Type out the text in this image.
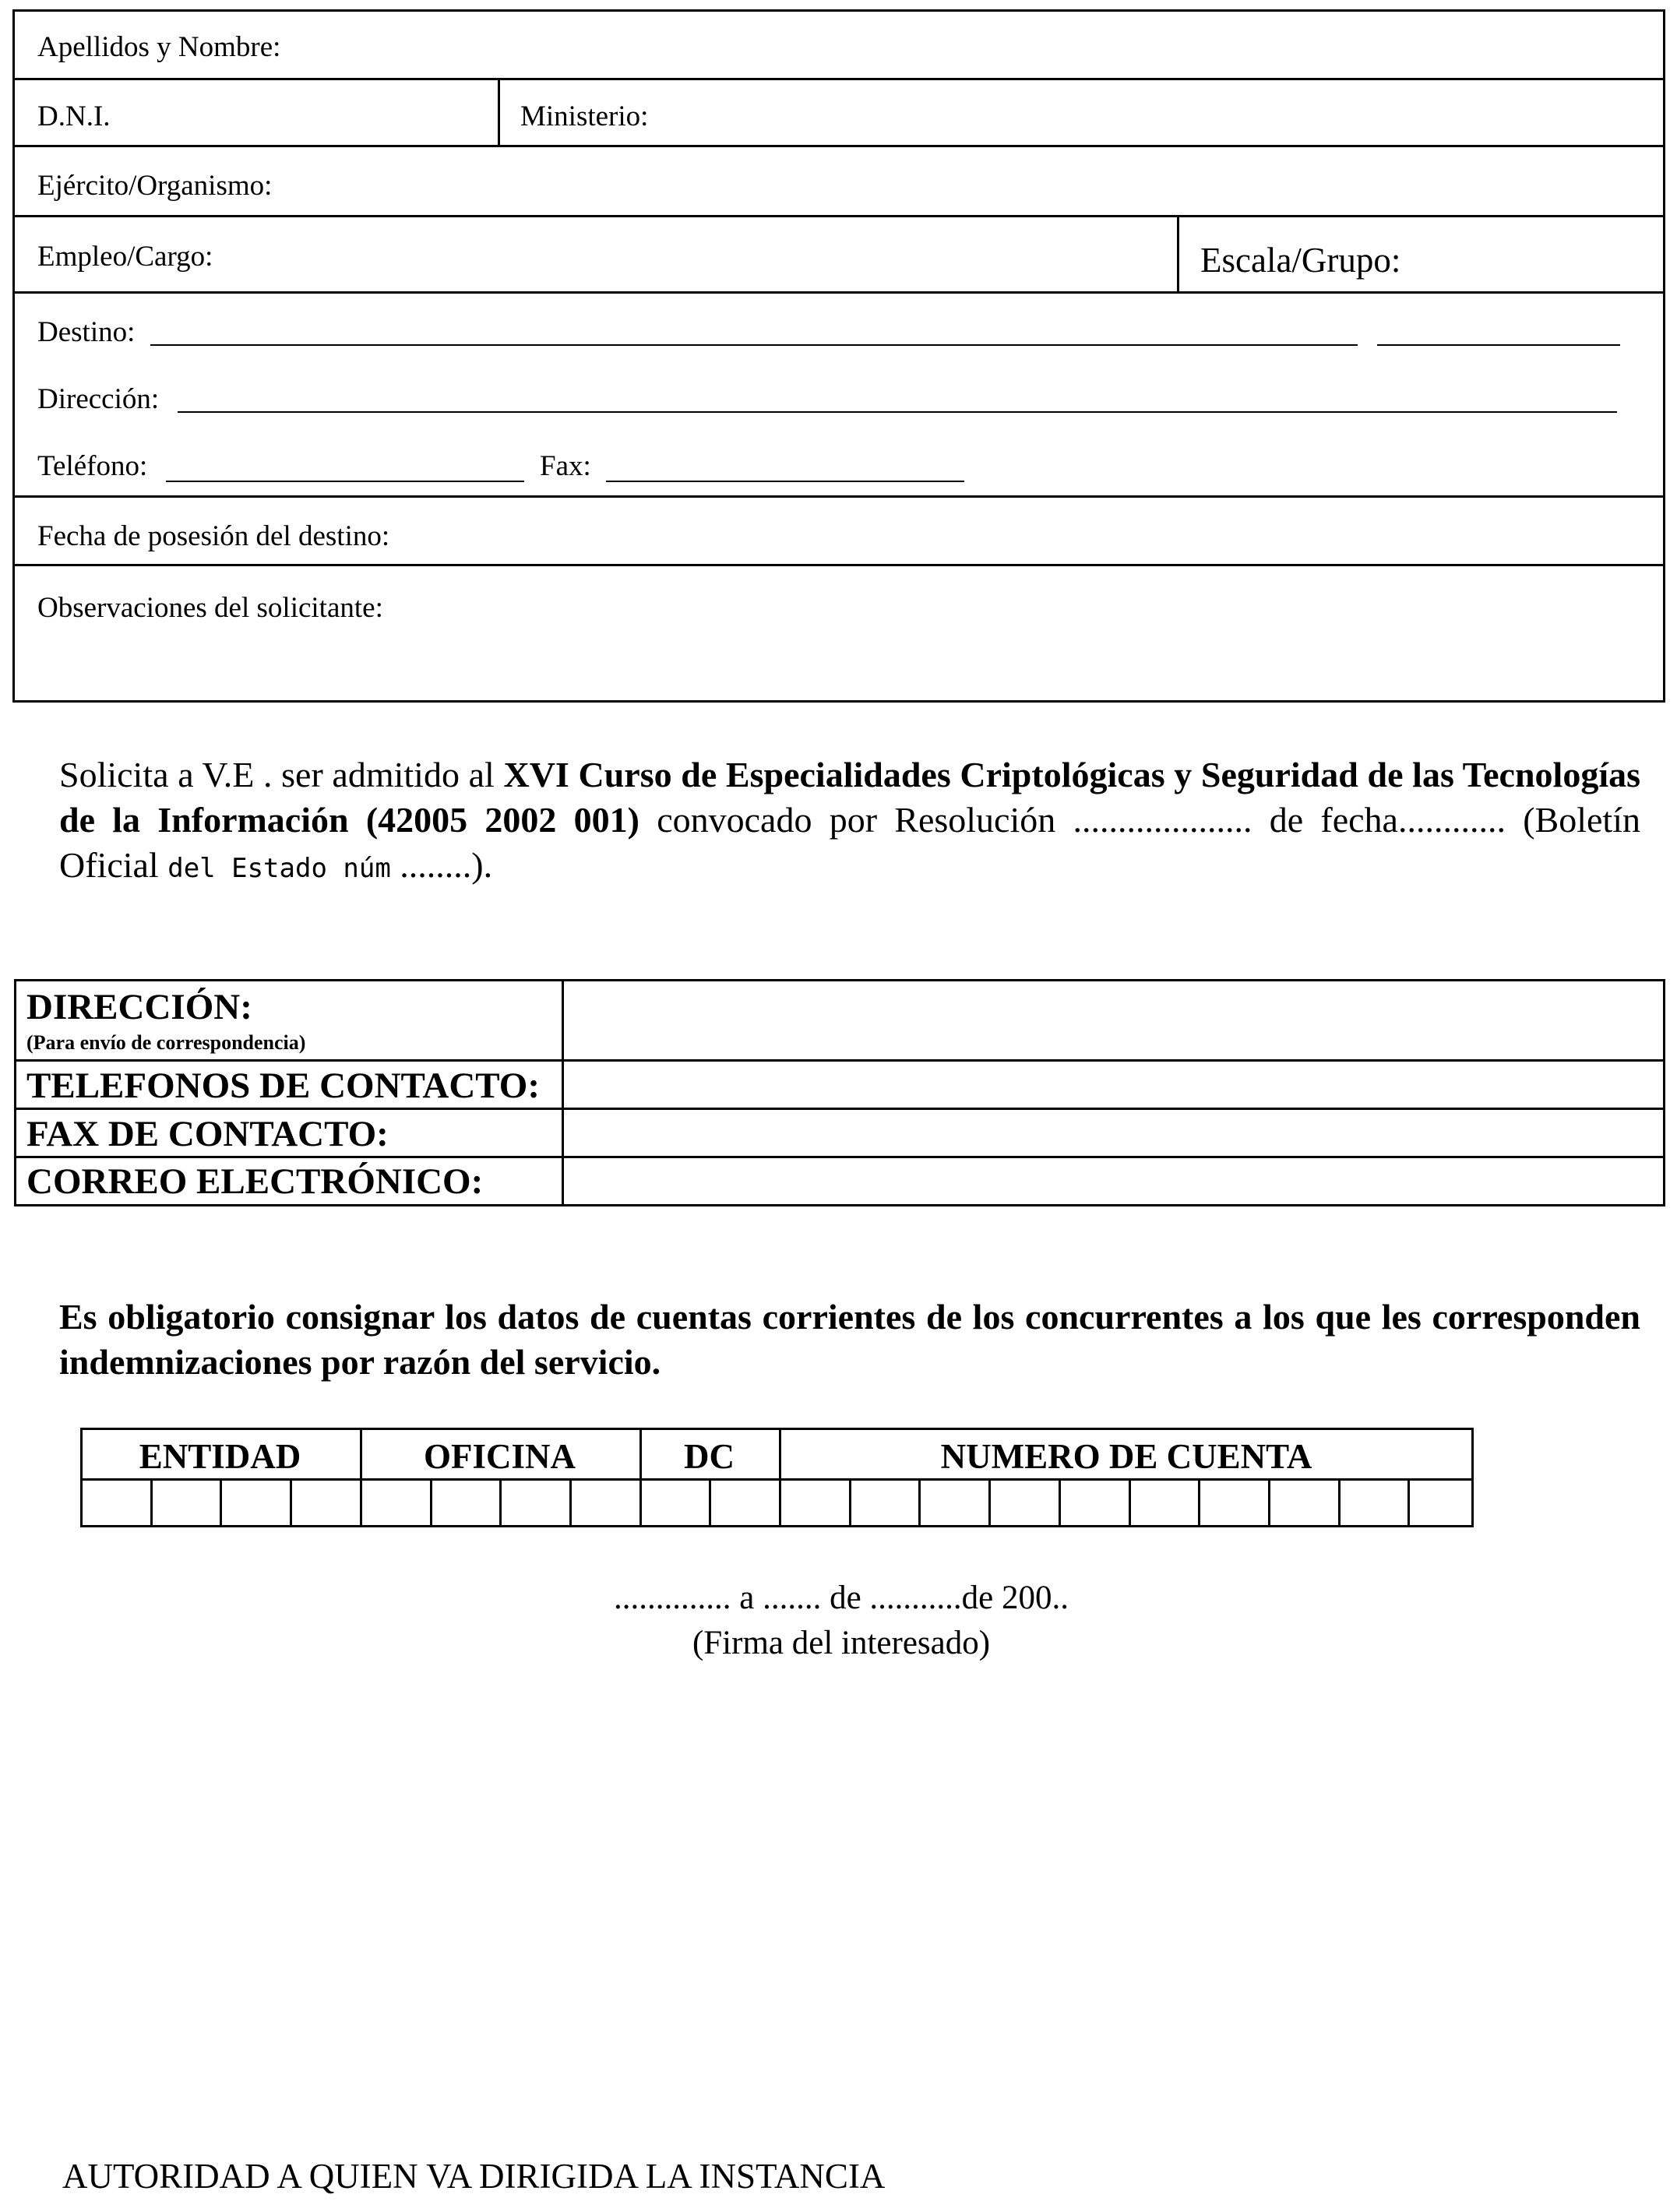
Apellidos y Nombre:
D.N.I.	Ministerio:
Ejército/Organismo:
Empleo/Cargo:	Escala/Grupo:
Destino:
Dirección:
Teléfono:	Fax:
Fecha de posesión del destino:
Observaciones del solicitante:
Solicita a V.E . ser admitido al XVI Curso de Especialidades Criptológicas y Seguridad de las Tecnologías de la Información (42005 2002 001) convocado por Resolución .................... de fecha............ (Boletín Oficial del Estado núm ........).
DIRECCIÓN:
(Para envío de correspondencia)
TELEFONOS DE CONTACTO:
FAX DE CONTACTO:
CORREO ELECTRÓNICO:
Es obligatorio consignar los datos de cuentas corrientes de los concurrentes a los que les corresponden indemnizaciones por razón del servicio.
ENTIDAD	OFICINA	DC	NUMERO DE CUENTA
.............. a ....... de ...........de 200..
(Firma del interesado)
AUTORIDAD A QUIEN VA DIRIGIDA LA INSTANCIA
